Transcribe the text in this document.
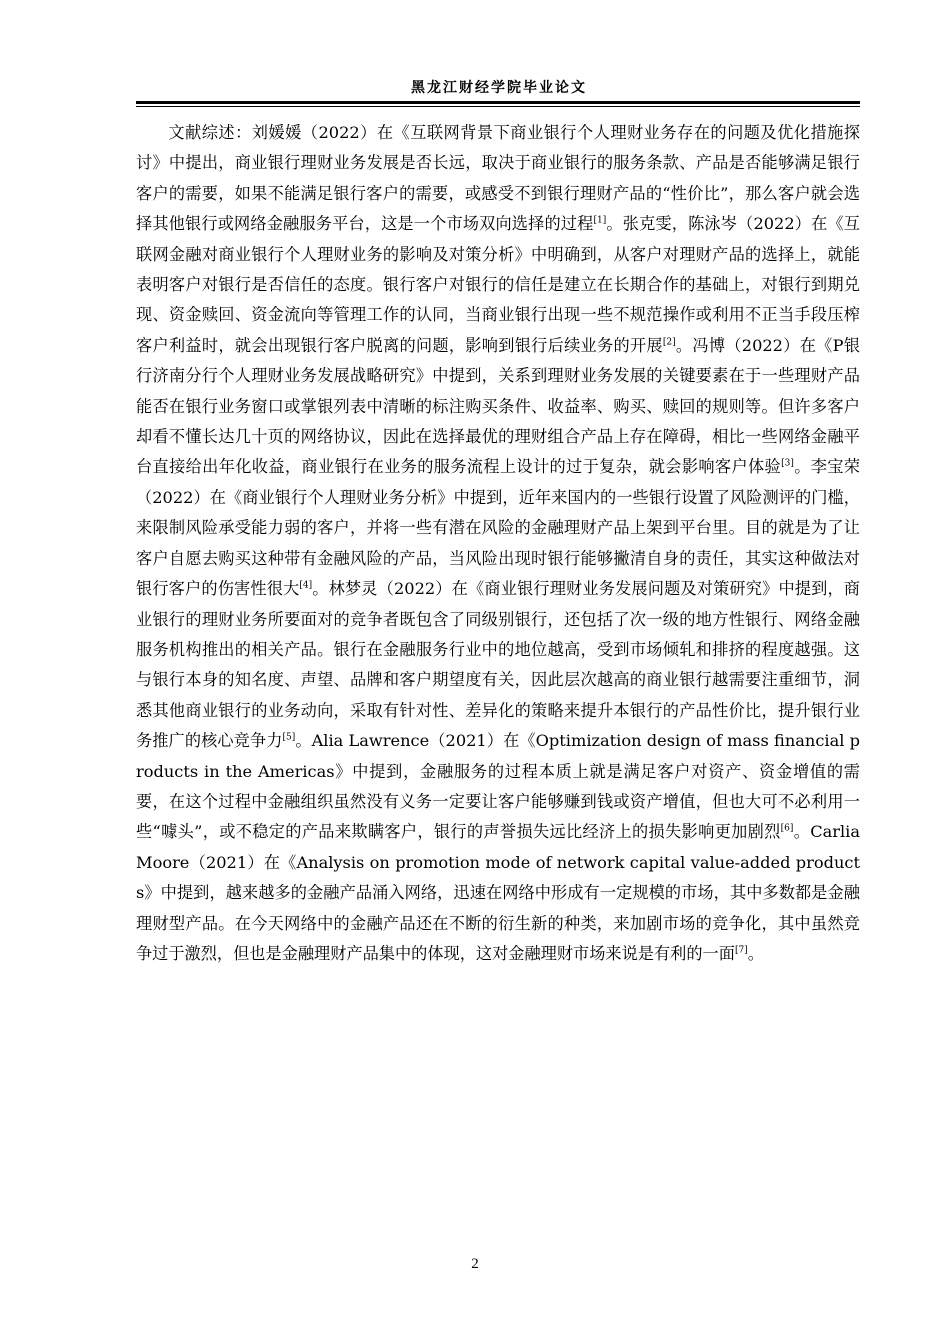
黑龙江财经学院毕业论文

文献综述：刘媛媛（2022）在《互联网背景下商业银行个人理财业务存在的问题及优化措施探讨》中提出，商业银行理财业务发展是否长远，取决于商业银行的服务条款、产品是否能够满足银行客户的需要，如果不能满足银行客户的需要，或感受不到银行理财产品的“性价比”，那么客户就会选择其他银行或网络金融服务平台，这是一个市场双向选择的过程[1]。张克雯，陈泳岑（2022）在《互联网金融对商业银行个人理财业务的影响及对策分析》中明确到，从客户对理财产品的选择上，就能表明客户对银行是否信任的态度。银行客户对银行的信任是建立在长期合作的基础上，对银行到期兑现、资金赎回、资金流向等管理工作的认同，当商业银行出现一些不规范操作或利用不正当手段压榨客户利益时，就会出现银行客户脱离的问题，影响到银行后续业务的开展[2]。冯博（2022）在《P银行济南分行个人理财业务发展战略研究》中提到，关系到理财业务发展的关键要素在于一些理财产品能否在银行业务窗口或掌银列表中清晰的标注购买条件、收益率、购买、赎回的规则等。但许多客户却看不懂长达几十页的网络协议，因此在选择最优的理财组合产品上存在障碍，相比一些网络金融平台直接给出年化收益，商业银行在业务的服务流程上设计的过于复杂，就会影响客户体验[3]。李宝荣（2022）在《商业银行个人理财业务分析》中提到，近年来国内的一些银行设置了风险测评的门槛，来限制风险承受能力弱的客户，并将一些有潜在风险的金融理财产品上架到平台里。目的就是为了让客户自愿去购买这种带有金融风险的产品，当风险出现时银行能够撇清自身的责任，其实这种做法对银行客户的伤害性很大[4]。林梦灵（2022）在《商业银行理财业务发展问题及对策研究》中提到，商业银行的理财业务所要面对的竞争者既包含了同级别银行，还包括了次一级的地方性银行、网络金融服务机构推出的相关产品。银行在金融服务行业中的地位越高，受到市场倾轧和排挤的程度越强。这与银行本身的知名度、声望、品牌和客户期望度有关，因此层次越高的商业银行越需要注重细节，洞悉其他商业银行的业务动向，采取有针对性、差异化的策略来提升本银行的产品性价比，提升银行业务推广的核心竞争力[5]。Alia Lawrence（2021）在《Optimization design of mass financial products in the Americas》中提到，金融服务的过程本质上就是满足客户对资产、资金增值的需要，在这个过程中金融组织虽然没有义务一定要让客户能够赚到钱或资产增值，但也大可不必利用一些“噱头”，或不稳定的产品来欺瞒客户，银行的声誉损失远比经济上的损失影响更加剧烈[6]。Carlia Moore（2021）在《Analysis on promotion mode of network capital value-added products》中提到，越来越多的金融产品涌入网络，迅速在网络中形成有一定规模的市场，其中多数都是金融理财型产品。在今天网络中的金融产品还在不断的衍生新的种类，来加剧市场的竞争化，其中虽然竞争过于激烈，但也是金融理财产品集中的体现，这对金融理财市场来说是有利的一面[7]。

2
